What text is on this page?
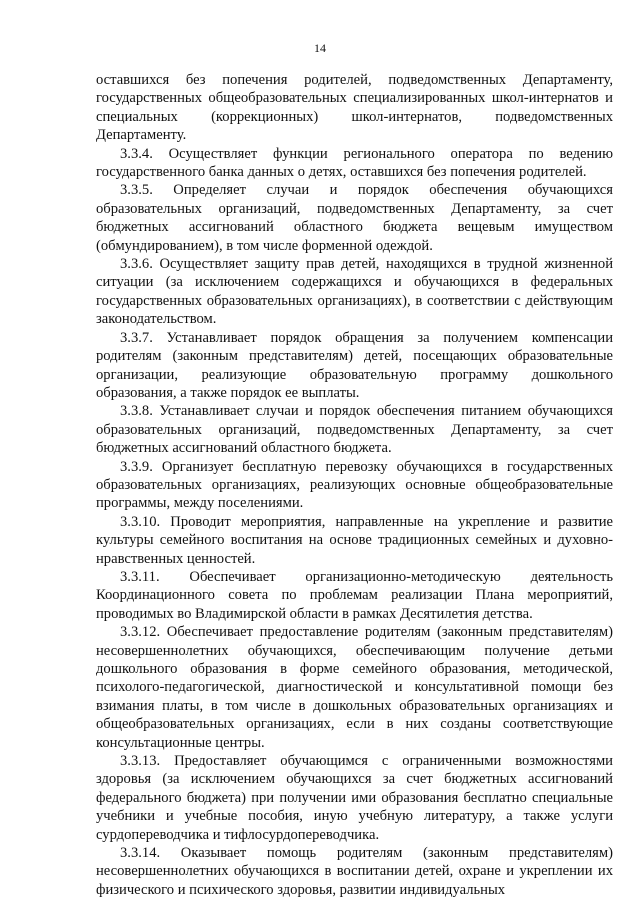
14

оставшихся без попечения родителей, подведомственных Департаменту, государственных общеобразовательных специализированных школ-интернатов и специальных (коррекционных) школ-интернатов, подведомственных Департаменту.

3.3.4. Осуществляет функции регионального оператора по ведению государственного банка данных о детях, оставшихся без попечения родителей.

3.3.5. Определяет случаи и порядок обеспечения обучающихся образовательных организаций, подведомственных Департаменту, за счет бюджетных ассигнований областного бюджета вещевым имуществом (обмундированием), в том числе форменной одеждой.

3.3.6. Осуществляет защиту прав детей, находящихся в трудной жизненной ситуации (за исключением содержащихся и обучающихся в федеральных государственных образовательных организациях), в соответствии с действующим законодательством.

3.3.7. Устанавливает порядок обращения за получением компенсации родителям (законным представителям) детей, посещающих образовательные организации, реализующие образовательную программу дошкольного образования, а также порядок ее выплаты.

3.3.8. Устанавливает случаи и порядок обеспечения питанием обучающихся образовательных организаций, подведомственных Департаменту, за счет бюджетных ассигнований областного бюджета.

3.3.9. Организует бесплатную перевозку обучающихся в государственных образовательных организациях, реализующих основные общеобразовательные программы, между поселениями.

3.3.10. Проводит мероприятия, направленные на укрепление и развитие культуры семейного воспитания на основе традиционных семейных и духовно-нравственных ценностей.

3.3.11. Обеспечивает организационно-методическую деятельность Координационного совета по проблемам реализации Плана мероприятий, проводимых во Владимирской области в рамках Десятилетия детства.

3.3.12. Обеспечивает предоставление родителям (законным представителям) несовершеннолетних обучающихся, обеспечивающим получение детьми дошкольного образования в форме семейного образования, методической, психолого-педагогической, диагностической и консультативной помощи без взимания платы, в том числе в дошкольных образовательных организациях и общеобразовательных организациях, если в них созданы соответствующие консультационные центры.

3.3.13. Предоставляет обучающимся с ограниченными возможностями здоровья (за исключением обучающихся за счет бюджетных ассигнований федерального бюджета) при получении ими образования бесплатно специальные учебники и учебные пособия, иную учебную литературу, а также услуги сурдопереводчика и тифлосурдопереводчика.

3.3.14. Оказывает помощь родителям (законным представителям) несовершеннолетних обучающихся в воспитании детей, охране и укреплении их физического и психического здоровья, развитии индивидуальных
